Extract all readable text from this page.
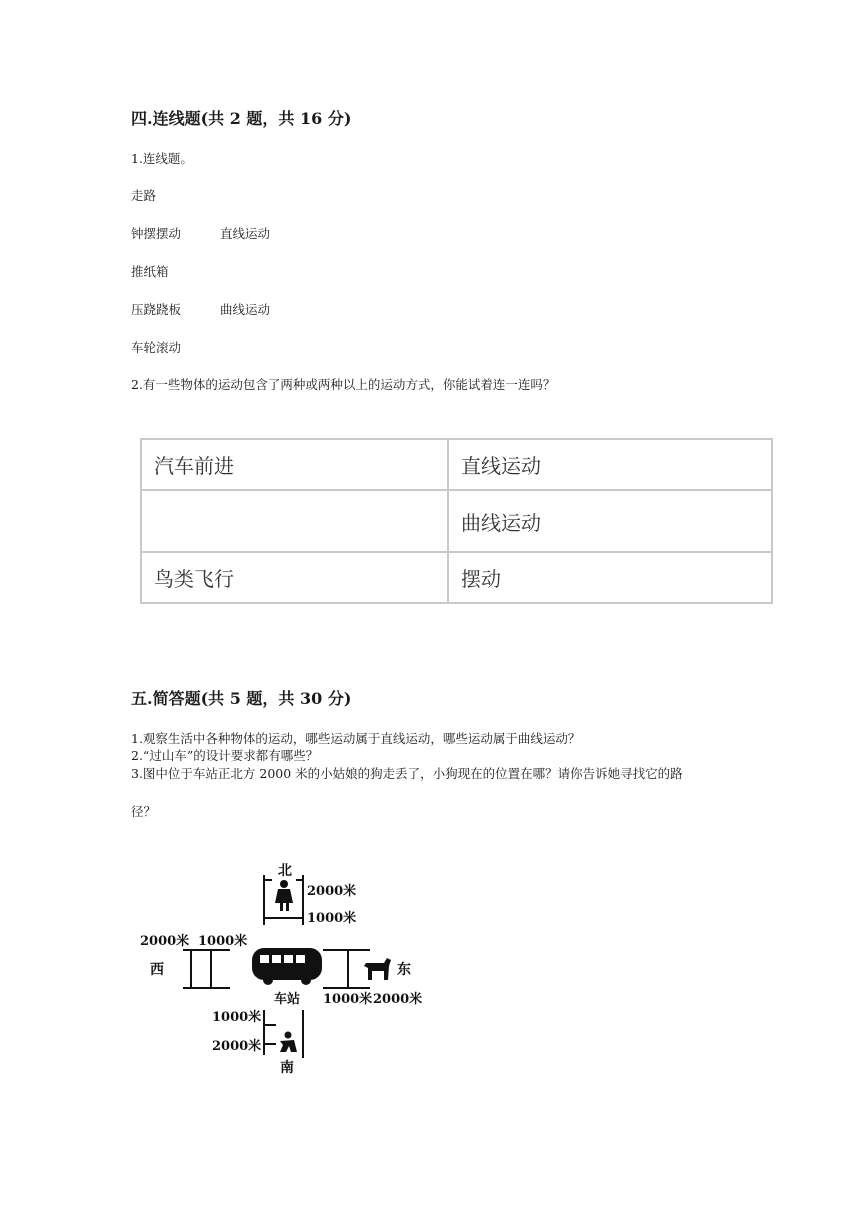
四.连线题(共 2 题，共 16 分)
1.连线题。
走路
钟摆摆动	直线运动
推纸箱
压跷跷板	曲线运动
车轮滚动
2.有一些物体的运动包含了两种或两种以上的运动方式，你能试着连一连吗？
汽车前进	直线运动
	曲线运动
鸟类飞行	摆动
五.简答题(共 5 题，共 30 分)
1.观察生活中各种物体的运动，哪些运动属于直线运动，哪些运动属于曲线运动？
2.“过山车”的设计要求都有哪些？
3.图中位于车站正北方 2000 米的小姑娘的狗走丢了，小狗现在的位置在哪？请你告诉她寻找它的路
径？
北
2000米
1000米
2000米 1000米
西	东
1000米 2000米
车站
1000米
2000米
南
